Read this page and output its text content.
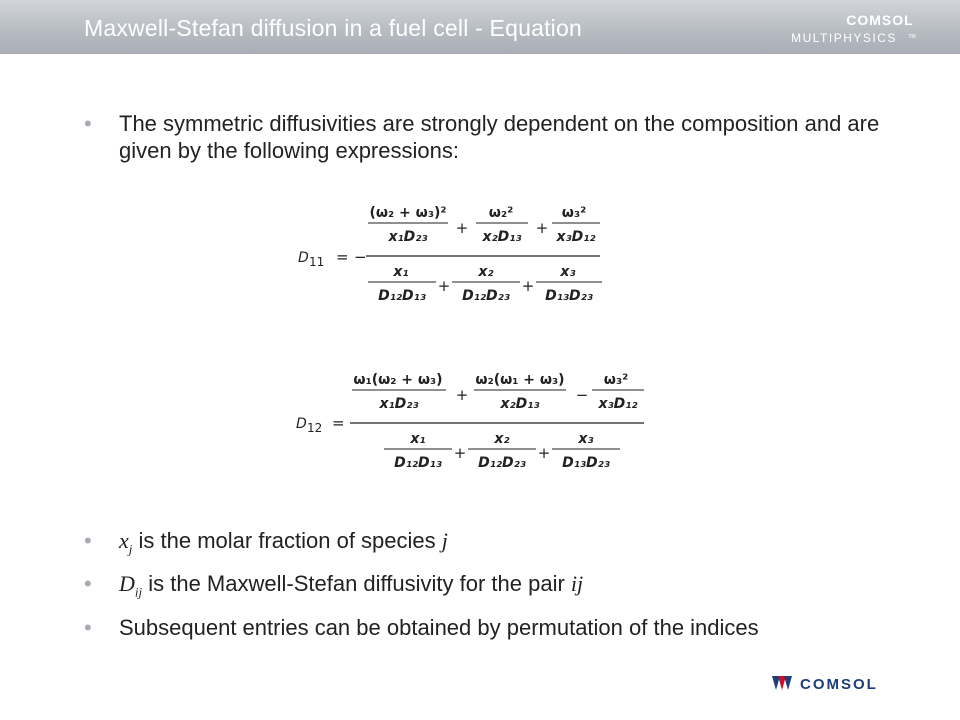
Maxwell-Stefan diffusion in a fuel cell - Equation	COMSOL
MULTIPHYSICS TM
• The symmetric diffusivities are strongly dependent on the composition and are given by the following expressions:
D 11 = −
(ω₂ + ω₃)²
x₁D₂₃ +
ω₂²
x₂D₁₃ +
ω₃²
x₃D₁₂
x₁
D₁₂D₁₃
+
x₂
D₁₂D₂₃
+
x₃
D₁₃D₂₃
D 12 =
ω₁(ω₂ + ω₃)
x₁D₂₃ +
ω₂(ω₁ + ω₃)
x₂D₁₃ −
ω₃²
x₃D₁₂
x₁
D₁₂D₁₃
+
x₂
D₁₂D₂₃
+
x₃
D₁₃D₂₃
• $x_j$ is the molar fraction of species j
• $D_{ij}$ is the Maxwell-Stefan diffusivity for the pair ij
• Subsequent entries can be obtained by permutation of the indices
COMSOL
